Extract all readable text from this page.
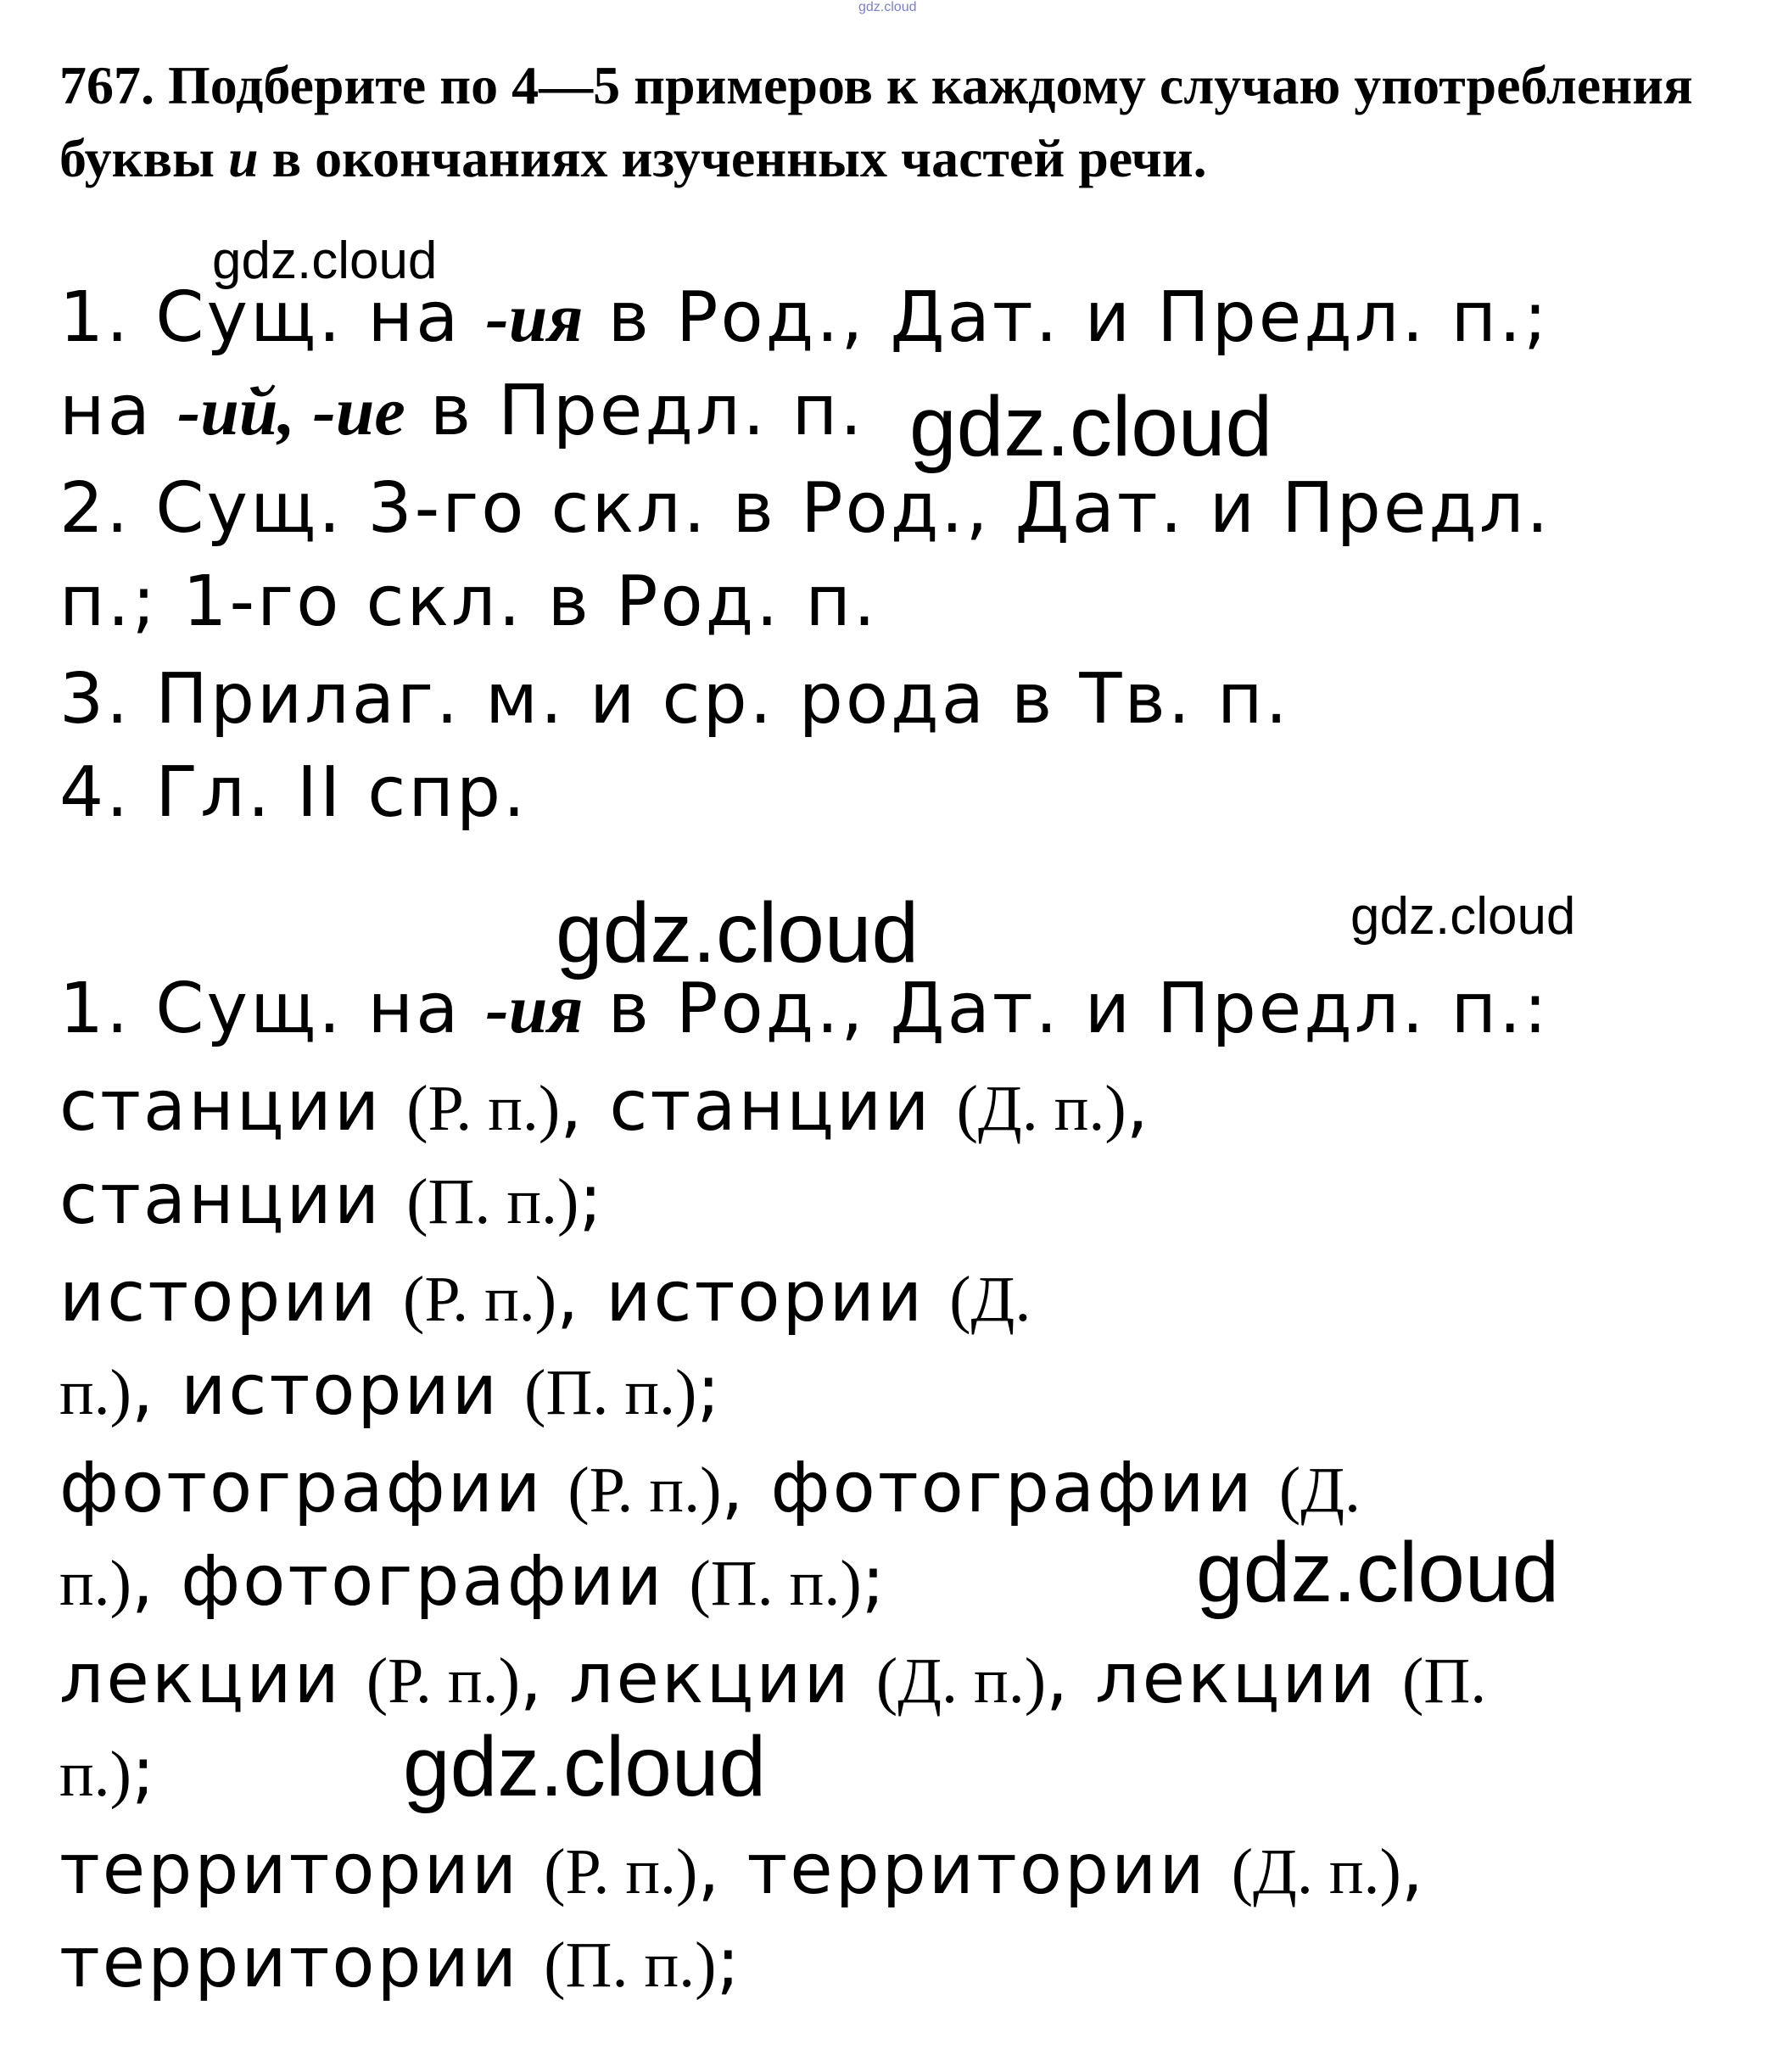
gdz.cloud
gdz.cloud
gdz.cloud
gdz.cloud	gdz.cloud
gdz.cloud
gdz.cloud
767. Подберите по 4—5 примеров к каждому случаю употребления буквы и в окончаниях изученных частей речи.
1. Сущ. на -ия в Род., Дат. и Предл. п.;
на -ий, -ие в Предл. п.
2. Сущ. 3-го скл. в Род., Дат. и Предл.
п.; 1-го скл. в Род. п.
3. Прилаг. м. и ср. рода в Тв. п.
4. Гл. II спр.
1. Сущ. на -ия в Род., Дат. и Предл. п.:
станции (Р. п.), станции (Д. п.),
станции (П. п.);
истории (Р. п.), истории (Д.
п.), истории (П. п.);
фотографии (Р. п.), фотографии (Д.
п.), фотографии (П. п.);
лекции (Р. п.), лекции (Д. п.), лекции (П.
п.);
территории (Р. п.), территории (Д. п.),
территории (П. п.);
